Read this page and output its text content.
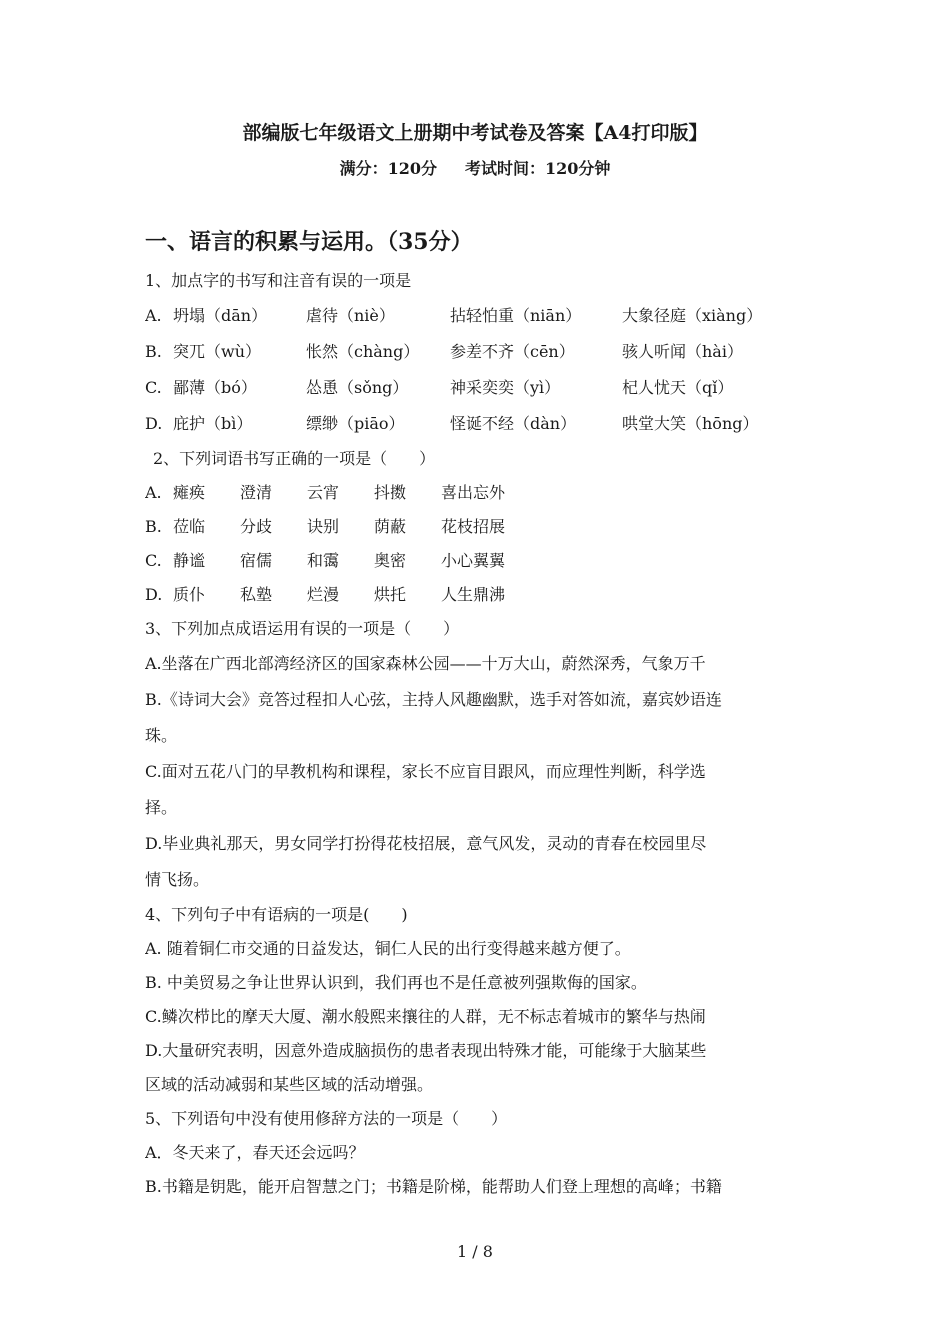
部编版七年级语文上册期中考试卷及答案【A4打印版】
满分：120分 考试时间：120分钟
一、语言的积累与运用。（35分）
1、加点字的书写和注音有误的一项是
A. 坍塌（dān）	虐待（niè）	拈轻怕重（niān）	大象径庭（xiàng）
B. 突兀（wù）	怅然（chàng）	参差不齐（cēn）	骇人听闻（hài）
C. 鄙薄（bó）	怂恿（sǒng）	神采奕奕（yì）	杞人忧天（qǐ）
D. 庇护（bì）	缥缈（piāo）	怪诞不经（dàn）	哄堂大笑（hōng）
2、下列词语书写正确的一项是（　　）
A. 瘫痪	澄清	云宵	抖擞	喜出忘外
B. 莅临	分歧	诀别	荫蔽	花枝招展
C. 静谧	宿儒	和霭	奥密	小心翼翼
D. 质仆	私塾	烂漫	烘托	人生鼎沸
3、下列加点成语运用有误的一项是（　　）
A.坐落在广西北部湾经济区的国家森林公园——十万大山，蔚然深秀，气象万千
B.《诗词大会》竞答过程扣人心弦，主持人风趣幽默，选手对答如流，嘉宾妙语连
珠。
C.面对五花八门的早教机构和课程，家长不应盲目跟风，而应理性判断，科学选
择。
D.毕业典礼那天，男女同学打扮得花枝招展，意气风发，灵动的青春在校园里尽
情飞扬。
4、下列句子中有语病的一项是(　　)
A. 随着铜仁市交通的日益发达，铜仁人民的出行变得越来越方便了。
B. 中美贸易之争让世界认识到，我们再也不是任意被列强欺侮的国家。
C.鳞次栉比的摩天大厦、潮水般熙来攘往的人群，无不标志着城市的繁华与热闹
D.大量研究表明，因意外造成脑损伤的患者表现出特殊才能，可能缘于大脑某些
区域的活动减弱和某些区域的活动增强。
5、下列语句中没有使用修辞方法的一项是（　　）
A．冬天来了，春天还会远吗？
B.书籍是钥匙，能开启智慧之门；书籍是阶梯，能帮助人们登上理想的高峰；书籍
1 / 8
